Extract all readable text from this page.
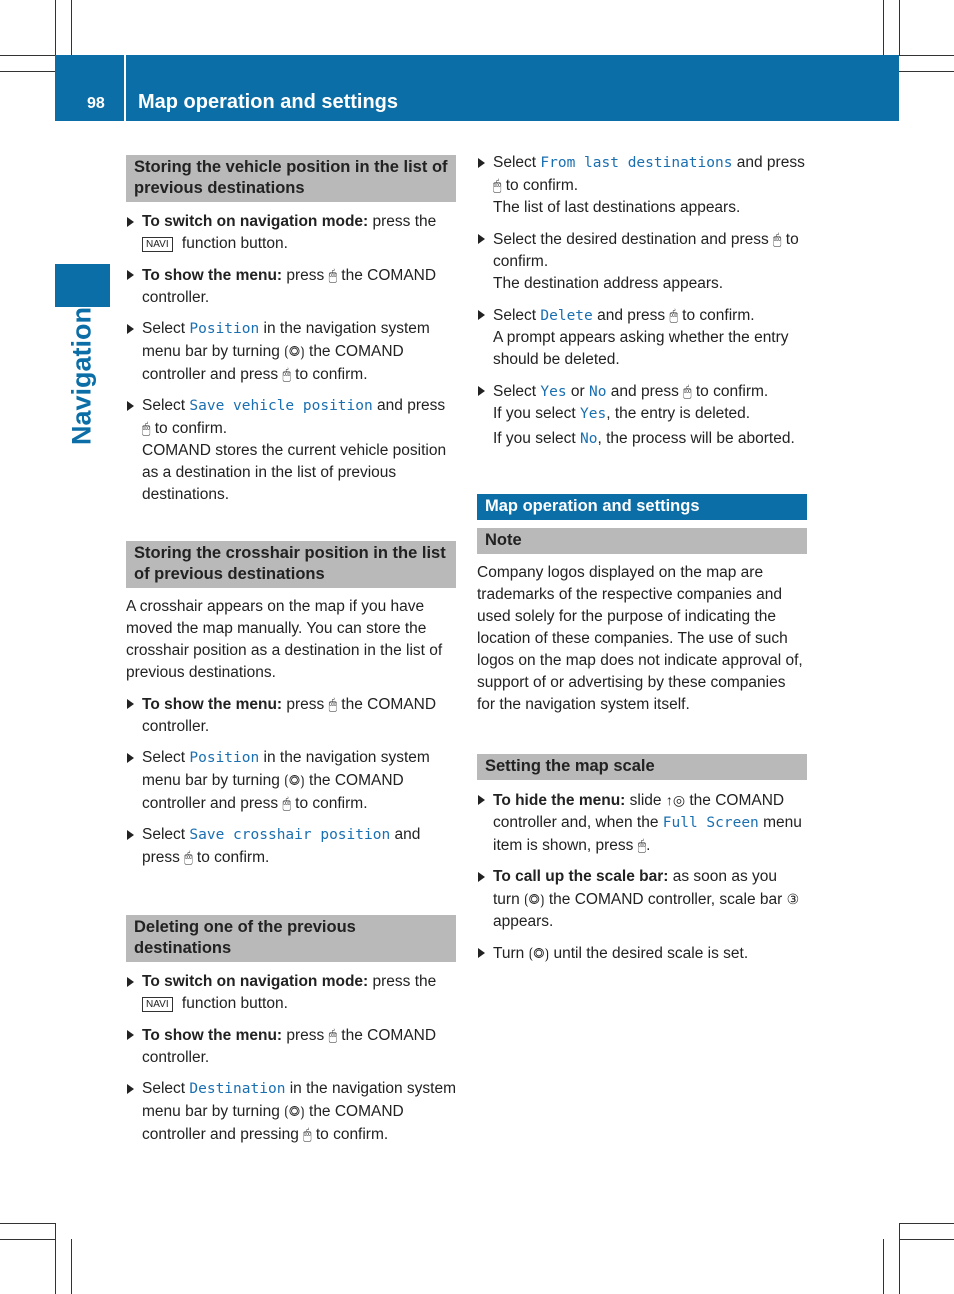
98 Map operation and settings
Navigation
Storing the vehicle position in the list of previous destinations
To switch on navigation mode: press the
NAVI function button.
To show the menu: press 🖱 the COMAND controller.
Select Position in the navigation system menu bar by turning ⟮◎⟯ the COMAND controller and press 🖱 to confirm.
Select Save vehicle position and press 🖱 to confirm.
COMAND stores the current vehicle position as a destination in the list of previous destinations.
Storing the crosshair position in the list of previous destinations
A crosshair appears on the map if you have moved the map manually. You can store the crosshair position as a destination in the list of previous destinations.
To show the menu: press 🖱 the COMAND controller.
Select Position in the navigation system menu bar by turning ⟮◎⟯ the COMAND controller and press 🖱 to confirm.
Select Save crosshair position and press 🖱 to confirm.
Deleting one of the previous destinations
To switch on navigation mode: press the
NAVI function button.
To show the menu: press 🖱 the COMAND controller.
Select Destination in the navigation system menu bar by turning ⟮◎⟯ the COMAND controller and pressing 🖱 to confirm.
Select From last destinations and press 🖱 to confirm.
The list of last destinations appears.
Select the desired destination and press 🖱 to confirm.
The destination address appears.
Select Delete and press 🖱 to confirm.
A prompt appears asking whether the entry should be deleted.
Select Yes or No and press 🖱 to confirm.
If you select Yes, the entry is deleted.
If you select No, the process will be aborted.
Map operation and settings
Note
Company logos displayed on the map are trademarks of the respective companies and used solely for the purpose of indicating the location of these companies. The use of such logos on the map does not indicate approval of, support of or advertising by these companies for the navigation system itself.
Setting the map scale
To hide the menu: slide ↑◎ the COMAND controller and, when the Full Screen menu item is shown, press 🖱.
To call up the scale bar: as soon as you turn ⟮◎⟯ the COMAND controller, scale bar ③ appears.
Turn ⟮◎⟯ until the desired scale is set.
